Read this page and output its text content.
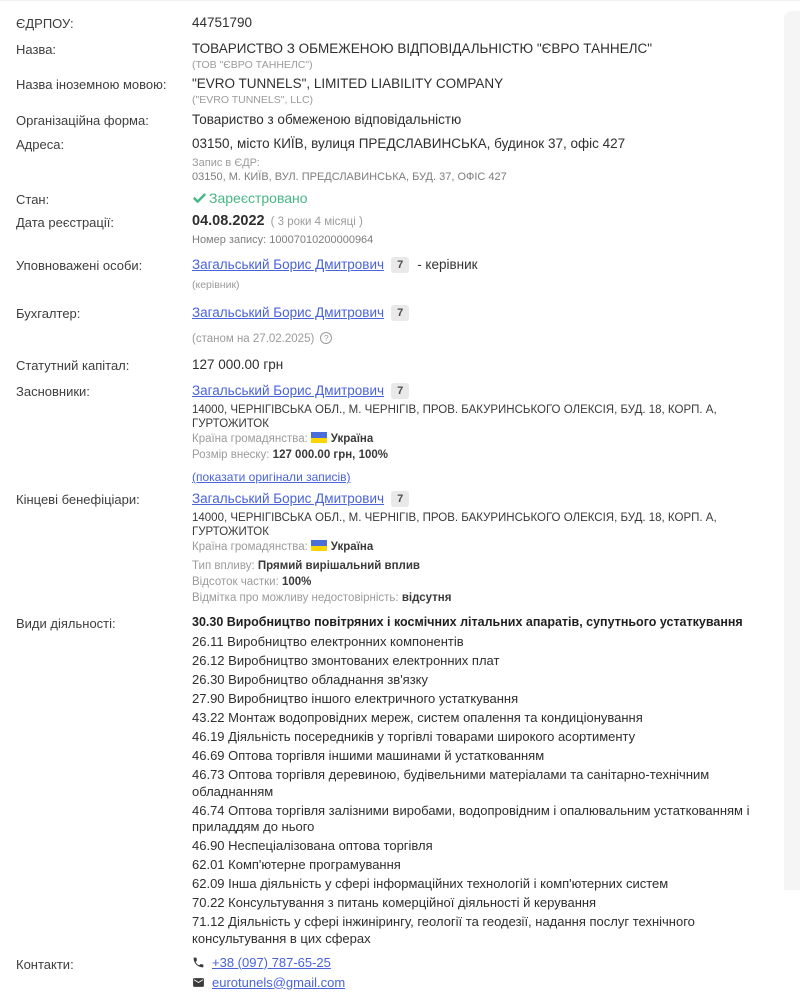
ЄДРПОУ:	44751790
Назва:	ТОВАРИСТВО З ОБМЕЖЕНОЮ ВІДПОВІДАЛЬНІСТЮ "ЄВРО ТАННЕЛС"
(ТОВ "ЄВРО ТАННЕЛС")
Назва іноземною мовою:	"EVRO TUNNELS", LIMITED LIABILITY COMPANY
("EVRO TUNNELS", LLC)
Організаційна форма:	Товариство з обмеженою відповідальністю
Адреса:	03150, місто КИЇВ, вулиця ПРЕДСЛАВИНСЬКА, будинок 37, офіс 427
Запис в ЄДР:
03150, М. КИЇВ, ВУЛ. ПРЕДСЛАВИНСЬКА, БУД. 37, ОФІС 427
Стан:	Зареєстровано
Дата реєстрації:	04.08.2022 ( 3 роки 4 місяці )
Номер запису: 10007010200000964
Уповноважені особи:	Загальський Борис Дмитрович 7 - керівник
(керівник)
Бухгалтер:	Загальський Борис Дмитрович 7
(станом на 27.02.2025) ?
Статутний капітал:	127 000.00 грн
Засновники:	Загальський Борис Дмитрович 7
14000, ЧЕРНІГІВСЬКА ОБЛ., М. ЧЕРНІГІВ, ПРОВ. БАКУРИНСЬКОГО ОЛЕКСІЯ, БУД. 18, КОРП. А, ГУРТОЖИТОК
Країна громадянства: Україна
Розмір внеску: 127 000.00 грн, 100%
(показати оригінали записів)
Кінцеві бенефіціари:	Загальський Борис Дмитрович 7
14000, ЧЕРНІГІВСЬКА ОБЛ., М. ЧЕРНІГІВ, ПРОВ. БАКУРИНСЬКОГО ОЛЕКСІЯ, БУД. 18, КОРП. А, ГУРТОЖИТОК
Країна громадянства: Україна
Тип впливу: Прямий вирішальний вплив
Відсоток частки: 100%
Відмітка про можливу недостовірність: відсутня
Види діяльності:	30.30 Виробництво повітряних і космічних літальних апаратів, супутнього устаткування
26.11 Виробництво електронних компонентів
26.12 Виробництво змонтованих електронних плат
26.30 Виробництво обладнання зв'язку
27.90 Виробництво іншого електричного устаткування
43.22 Монтаж водопровідних мереж, систем опалення та кондиціонування
46.19 Діяльність посередників у торгівлі товарами широкого асортименту
46.69 Оптова торгівля іншими машинами й устаткованням
46.73 Оптова торгівля деревиною, будівельними матеріалами та санітарно-технічним обладнанням
46.74 Оптова торгівля залізними виробами, водопровідним і опалювальним устаткованням і приладдям до нього
46.90 Неспеціалізована оптова торгівля
62.01 Комп'ютерне програмування
62.09 Інша діяльність у сфері інформаційних технологій і комп'ютерних систем
70.22 Консультування з питань комерційної діяльності й керування
71.12 Діяльність у сфері інжинірингу, геології та геодезії, надання послуг технічного консультування в цих сферах
Контакти:	+38 (097) 787-65-25
eurotunels@gmail.com
